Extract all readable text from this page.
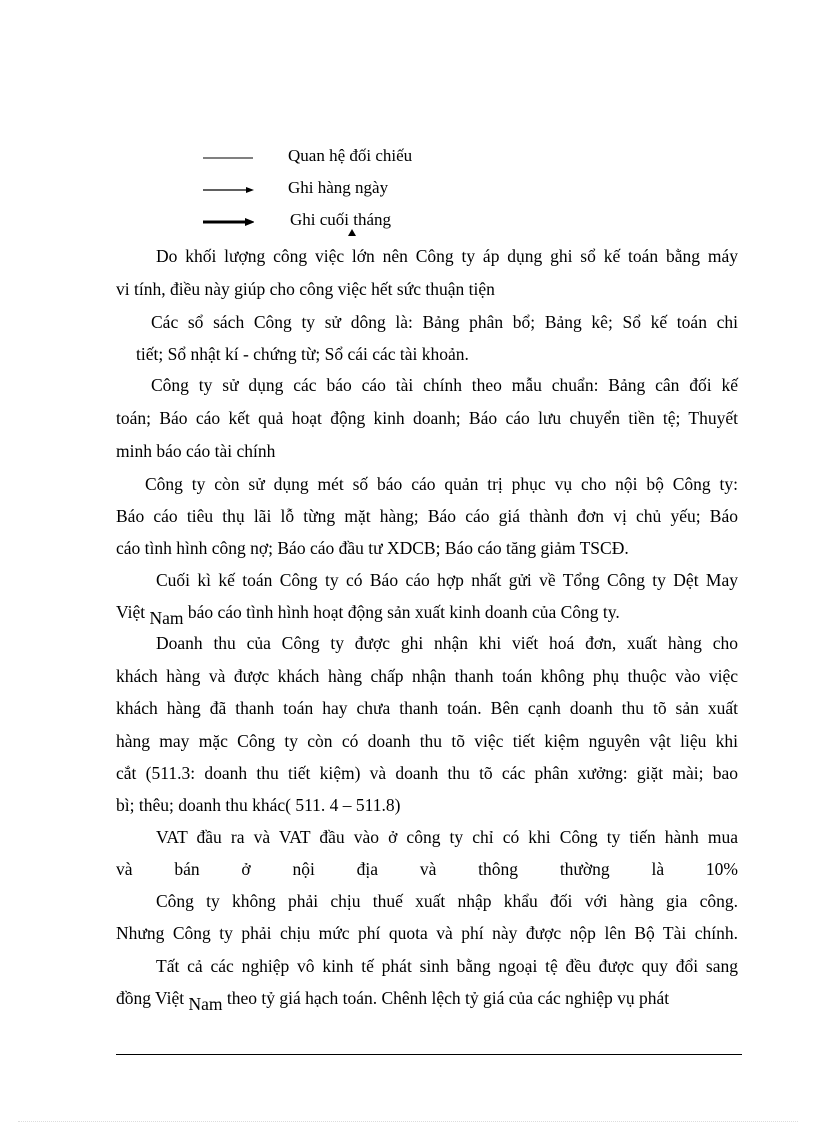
Quan hệ đối chiếu
Ghi hàng ngày
Ghi cuối tháng
Do khối lượng công việc lớn nên Công ty áp dụng ghi sổ kế toán bằng máy
vi tính, điều này giúp cho công việc hết sức thuận tiện
Các sổ sách Công ty sử dông là: Bảng phân bổ; Bảng kê; Sổ kế toán chi
tiết; Sổ nhật kí - chứng từ; Sổ cái các tài khoản.
Công ty sử dụng các báo cáo tài chính theo mẫu chuẩn: Bảng cân đối kế
toán; Báo cáo kết quả hoạt động kinh doanh; Báo cáo lưu chuyển tiền tệ; Thuyết
minh báo cáo tài chính
Công ty còn sử dụng mét số báo cáo quản trị phục vụ cho nội bộ Công ty:
Báo cáo tiêu thụ lãi lỗ từng mặt hàng; Báo cáo giá thành đơn vị chủ yếu; Báo
cáo tình hình công nợ; Báo cáo đầu tư XDCB; Báo cáo tăng giảm TSCĐ.
Cuối kì kế toán Công ty có Báo cáo hợp nhất gửi về Tổng Công ty Dệt May
Việt Nam báo cáo tình hình hoạt động sản xuất kinh doanh của Công ty.
Doanh thu của Công ty được ghi nhận khi viết hoá đơn, xuất hàng cho
khách hàng và được khách hàng chấp nhận thanh toán không phụ thuộc vào việc
khách hàng đã thanh toán hay chưa thanh toán. Bên cạnh doanh thu tõ sản xuất
hàng may mặc Công ty còn có doanh thu tõ việc tiết kiệm nguyên vật liệu khi
cắt (511.3: doanh thu tiết kiệm) và doanh thu tõ các phân xưởng: giặt mài; bao
bì; thêu; doanh thu khác( 511. 4 – 511.8)
VAT đầu ra và VAT đầu vào ở công ty chỉ có khi Công ty tiến hành mua
và bán ở nội địa và thông thường là 10%
Công ty không phải chịu thuế xuất nhập khẩu đối với hàng gia công.
Nhưng Công ty phải chịu mức phí quota và phí này được nộp lên Bộ Tài chính.
Tất cả các nghiệp vô kinh tế phát sinh bằng ngoại tệ đều được quy đổi sang
đồng Việt Nam theo tỷ giá hạch toán. Chênh lệch tỷ giá của các nghiệp vụ phát
